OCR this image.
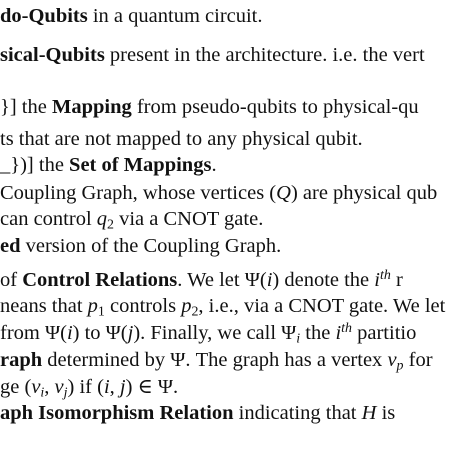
do-Qubits in a quantum circuit.
sical-Qubits present in the architecture. i.e. the vert
}] the Mapping from pseudo-qubits to physical-qu
ts that are not mapped to any physical qubit.
_})] the Set of Mappings.
Coupling Graph, whose vertices (Q) are physical qub
can control $q_2$ via a CNOT gate.
ed version of the Coupling Graph.
of Control Relations. We let Ψ(i) denote the $i^{th}$ r
neans that $p_1$ controls $p_2$, i.e., via a CNOT gate. We let
from Ψ(i) to Ψ(j). Finally, we call $\Psi_i$ the $i^{th}$ partitio
raph determined by Ψ. The graph has a vertex $v_p$ for
ge ($v_i$, $v_j$) if (i, j) ∈ Ψ.
aph Isomorphism Relation indicating that H is
